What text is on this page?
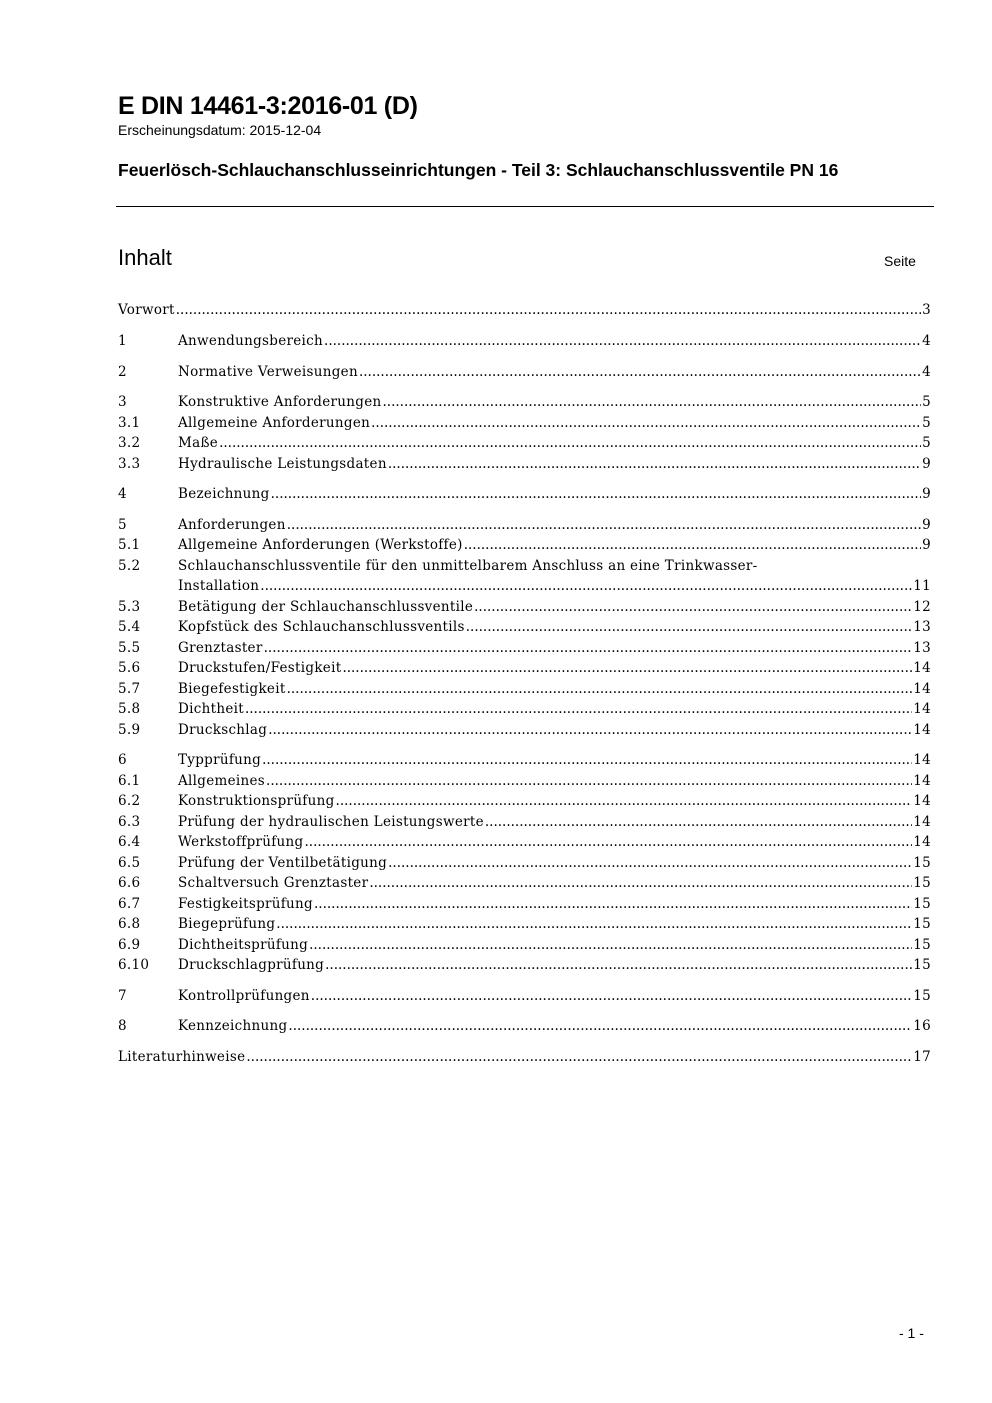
E DIN 14461-3:2016-01 (D)
Erscheinungsdatum: 2015-12-04
Feuerlösch-Schlauchanschlusseinrichtungen - Teil 3: Schlauchanschlussventile PN 16
Inhalt	Seite
Vorwort .....	3
1	Anwendungsbereich .....	4
2	Normative Verweisungen .....	4
3	Konstruktive Anforderungen .....	5
3.1	Allgemeine Anforderungen .....	5
3.2	Maße .....	5
3.3	Hydraulische Leistungsdaten .....	9
4	Bezeichnung .....	9
5	Anforderungen .....	9
5.1	Allgemeine Anforderungen (Werkstoffe) .....	9
5.2	Schlauchanschlussventile für den unmittelbarem Anschluss an eine Trinkwasser-
Installation .....	11
5.3	Betätigung der Schlauchanschlussventile .....	12
5.4	Kopfstück des Schlauchanschlussventils .....	13
5.5	Grenztaster .....	13
5.6	Druckstufen/Festigkeit .....	14
5.7	Biegefestigkeit .....	14
5.8	Dichtheit .....	14
5.9	Druckschlag .....	14
6	Typprüfung .....	14
6.1	Allgemeines .....	14
6.2	Konstruktionsprüfung .....	14
6.3	Prüfung der hydraulischen Leistungswerte .....	14
6.4	Werkstoffprüfung .....	14
6.5	Prüfung der Ventilbetätigung .....	15
6.6	Schaltversuch Grenztaster .....	15
6.7	Festigkeitsprüfung .....	15
6.8	Biegeprüfung .....	15
6.9	Dichtheitsprüfung .....	15
6.10	Druckschlagprüfung .....	15
7	Kontrollprüfungen .....	15
8	Kennzeichnung .....	16
Literaturhinweise .....	17
- 1 -
